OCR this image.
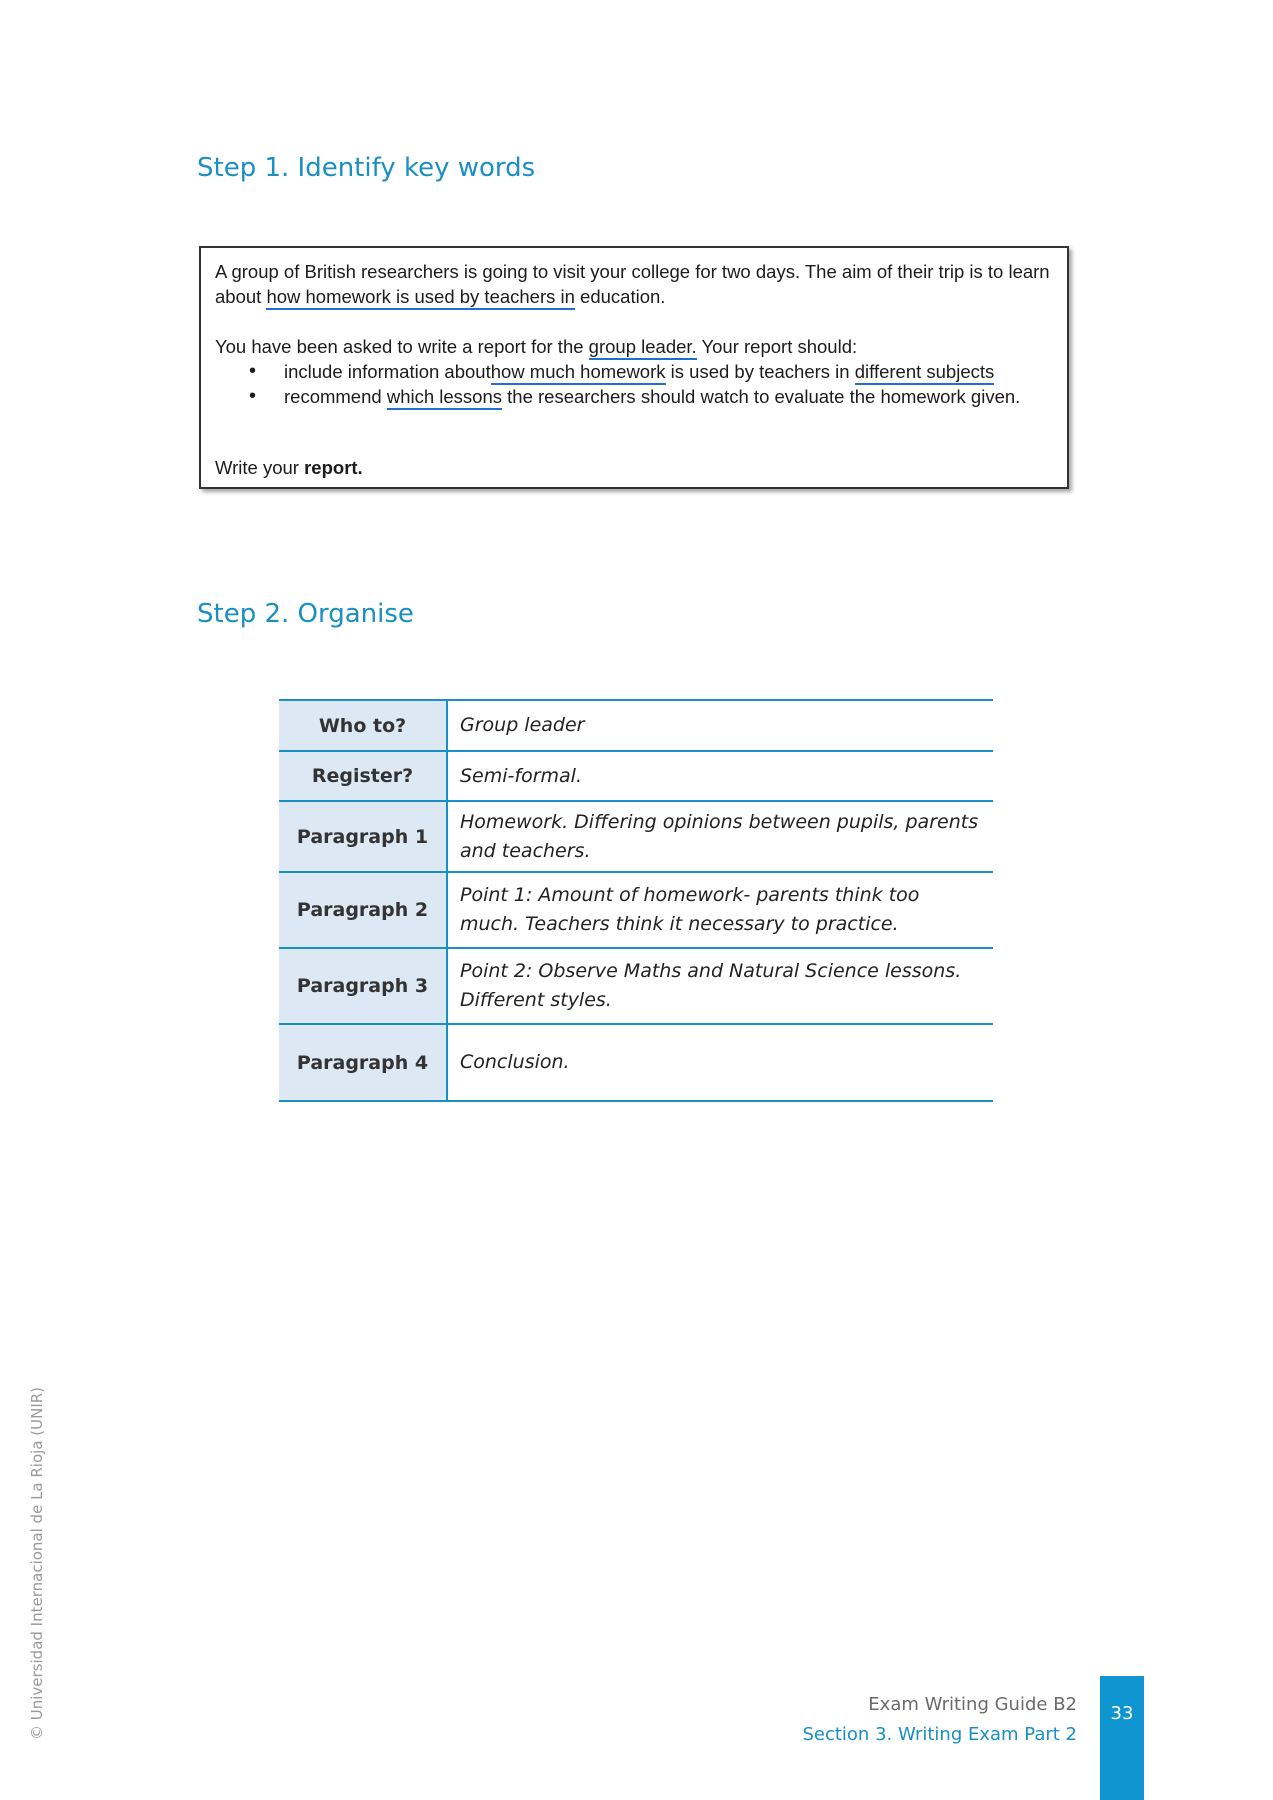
Step 1. Identify key words

A group of British researchers is going to visit your college for two days. The aim of their trip is to learn about how homework is used by teachers in education.

You have been asked to write a report for the group leader. Your report should:

• include information abouthow much homework is used by teachers in different subjects
• recommend which lessons the researchers should watch to evaluate the homework given.

Write your report.

Step 2. Organise
Who to?	Group leader
Register?	Semi-formal.
Paragraph 1	Homework. Differing opinions between pupils, parents and teachers.
Paragraph 2	Point 1: Amount of homework- parents think too much. Teachers think it necessary to practice.
Paragraph 3	Point 2: Observe Maths and Natural Science lessons. Different styles.
Paragraph 4	Conclusion.
© Universidad Internacional de La Rioja (UNIR)	Exam Writing Guide B2
Section 3. Writing Exam Part 2
33
